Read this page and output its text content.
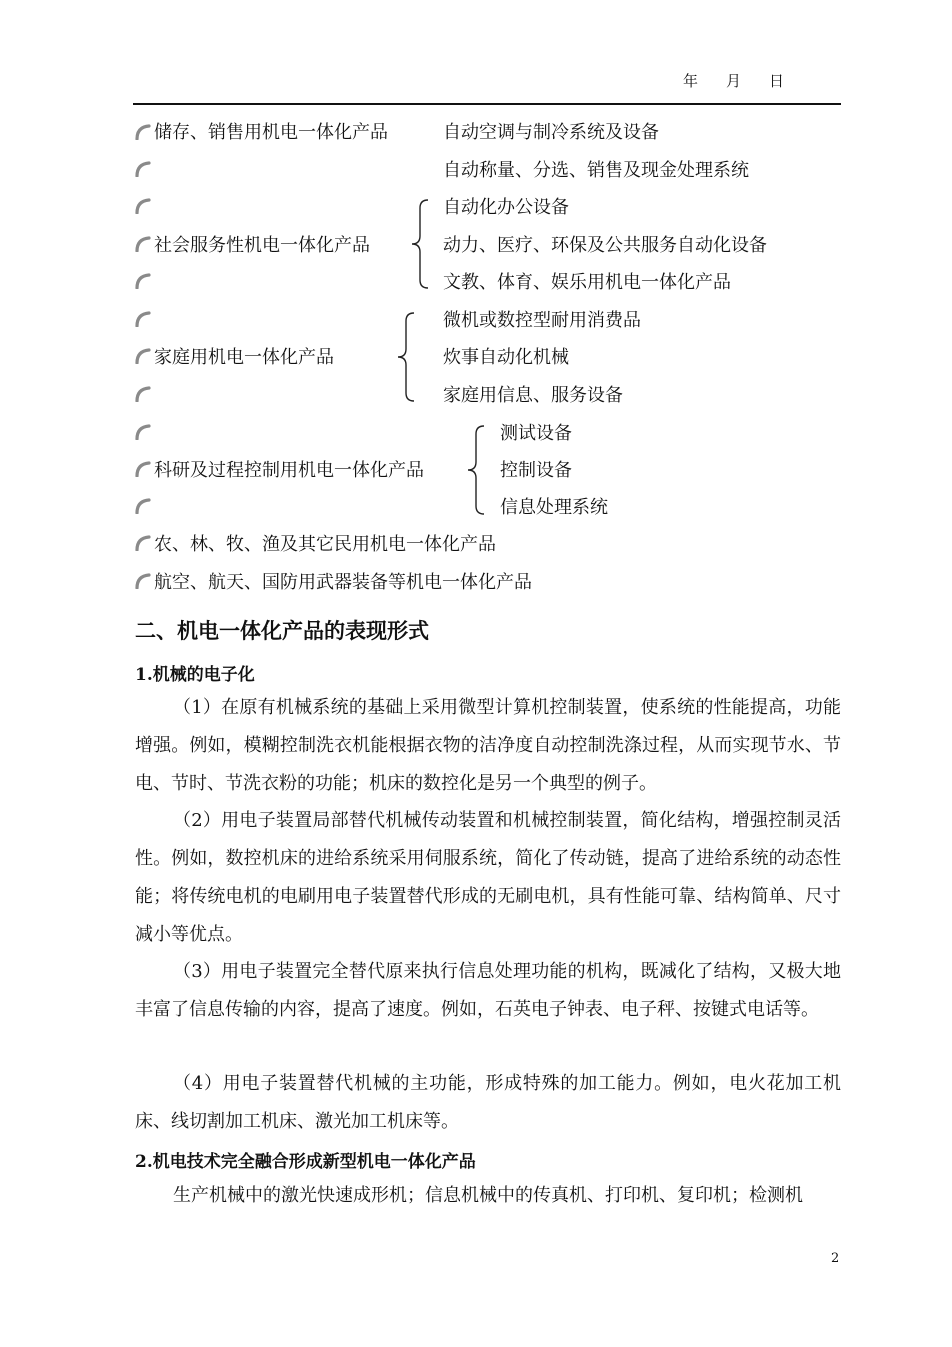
年 月 日
储存、销售用机电一体化产品
社会服务性机电一体化产品
家庭用机电一体化产品
科研及过程控制用机电一体化产品
农、林、牧、渔及其它民用机电一体化产品
航空、航天、国防用武器装备等机电一体化产品
自动空调与制冷系统及设备
自动称量、分选、销售及现金处理系统
自动化办公设备
动力、医疗、环保及公共服务自动化设备
文教、体育、娱乐用机电一体化产品
微机或数控型耐用消费品
炊事自动化机械
家庭用信息、服务设备
测试设备
控制设备
信息处理系统
二、机电一体化产品的表现形式
1.机械的电子化
（1）在原有机械系统的基础上采用微型计算机控制装置，使系统的性能提高，功能增强。例如，模糊控制洗衣机能根据衣物的洁净度自动控制洗涤过程，从而实现节水、节电、节时、节洗衣粉的功能；机床的数控化是另一个典型的例子。
（2）用电子装置局部替代机械传动装置和机械控制装置，简化结构，增强控制灵活性。例如，数控机床的进给系统采用伺服系统，简化了传动链，提高了进给系统的动态性能；将传统电机的电刷用电子装置替代形成的无刷电机，具有性能可靠、结构简单、尺寸减小等优点。
（3）用电子装置完全替代原来执行信息处理功能的机构，既减化了结构，又极大地丰富了信息传输的内容，提高了速度。例如，石英电子钟表、电子秤、按键式电话等。
（4）用电子装置替代机械的主功能，形成特殊的加工能力。例如，电火花加工机床、线切割加工机床、激光加工机床等。
2.机电技术完全融合形成新型机电一体化产品
生产机械中的激光快速成形机；信息机械中的传真机、打印机、复印机；检测机
2
